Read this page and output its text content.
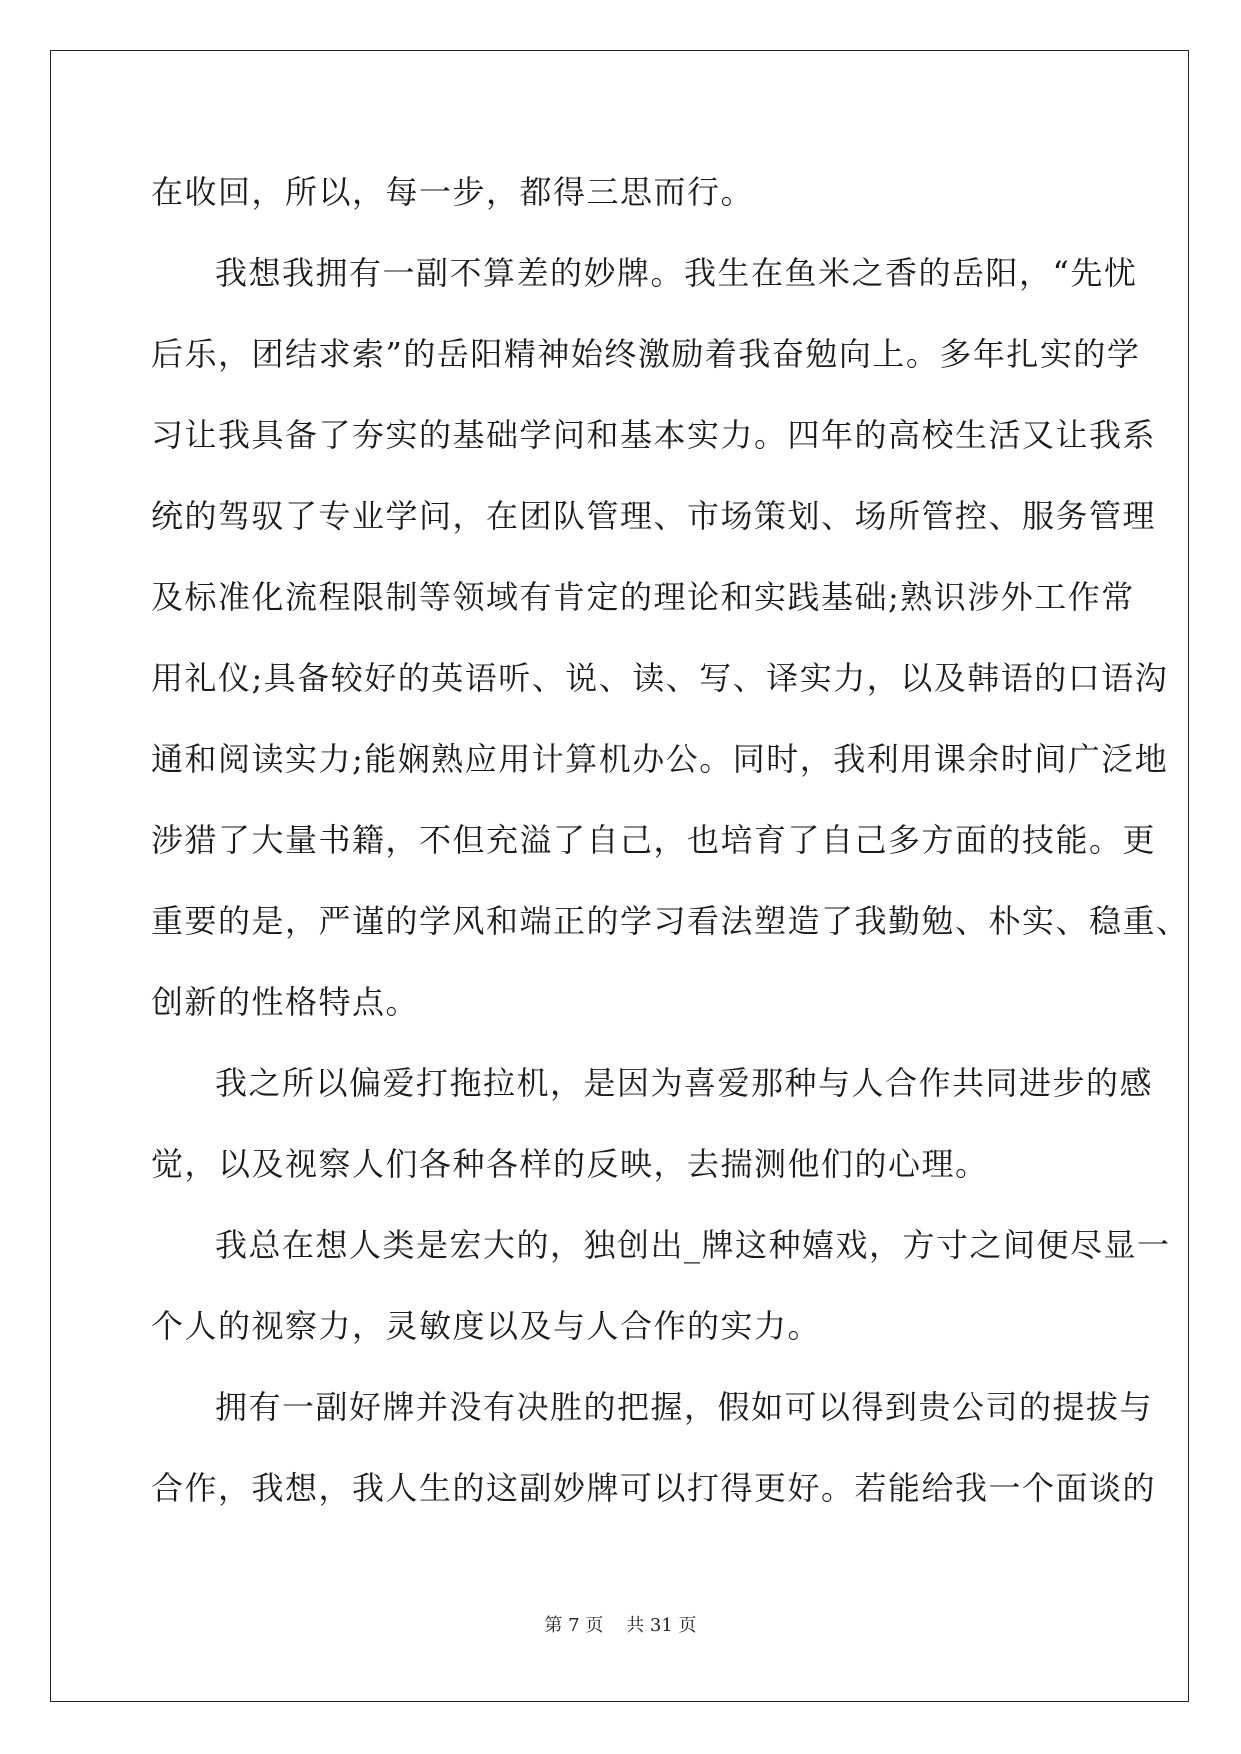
在收回，所以，每一步，都得三思而行。
我想我拥有一副不算差的妙牌。我生在鱼米之香的岳阳，“先忧
后乐，团结求索”的岳阳精神始终激励着我奋勉向上。多年扎实的学
习让我具备了夯实的基础学问和基本实力。四年的高校生活又让我系
统的驾驭了专业学问，在团队管理、市场策划、场所管控、服务管理
及标准化流程限制等领域有肯定的理论和实践基础;熟识涉外工作常
用礼仪;具备较好的英语听、说、读、写、译实力，以及韩语的口语沟
通和阅读实力;能娴熟应用计算机办公。同时，我利用课余时间广泛地
涉猎了大量书籍，不但充溢了自己，也培育了自己多方面的技能。更
重要的是，严谨的学风和端正的学习看法塑造了我勤勉、朴实、稳重、
创新的性格特点。
我之所以偏爱打拖拉机，是因为喜爱那种与人合作共同进步的感
觉，以及视察人们各种各样的反映，去揣测他们的心理。
我总在想人类是宏大的，独创出_牌这种嬉戏，方寸之间便尽显一
个人的视察力，灵敏度以及与人合作的实力。
拥有一副好牌并没有决胜的把握，假如可以得到贵公司的提拔与
合作，我想，我人生的这副妙牌可以打得更好。若能给我一个面谈的
第 7 页    共 31 页
